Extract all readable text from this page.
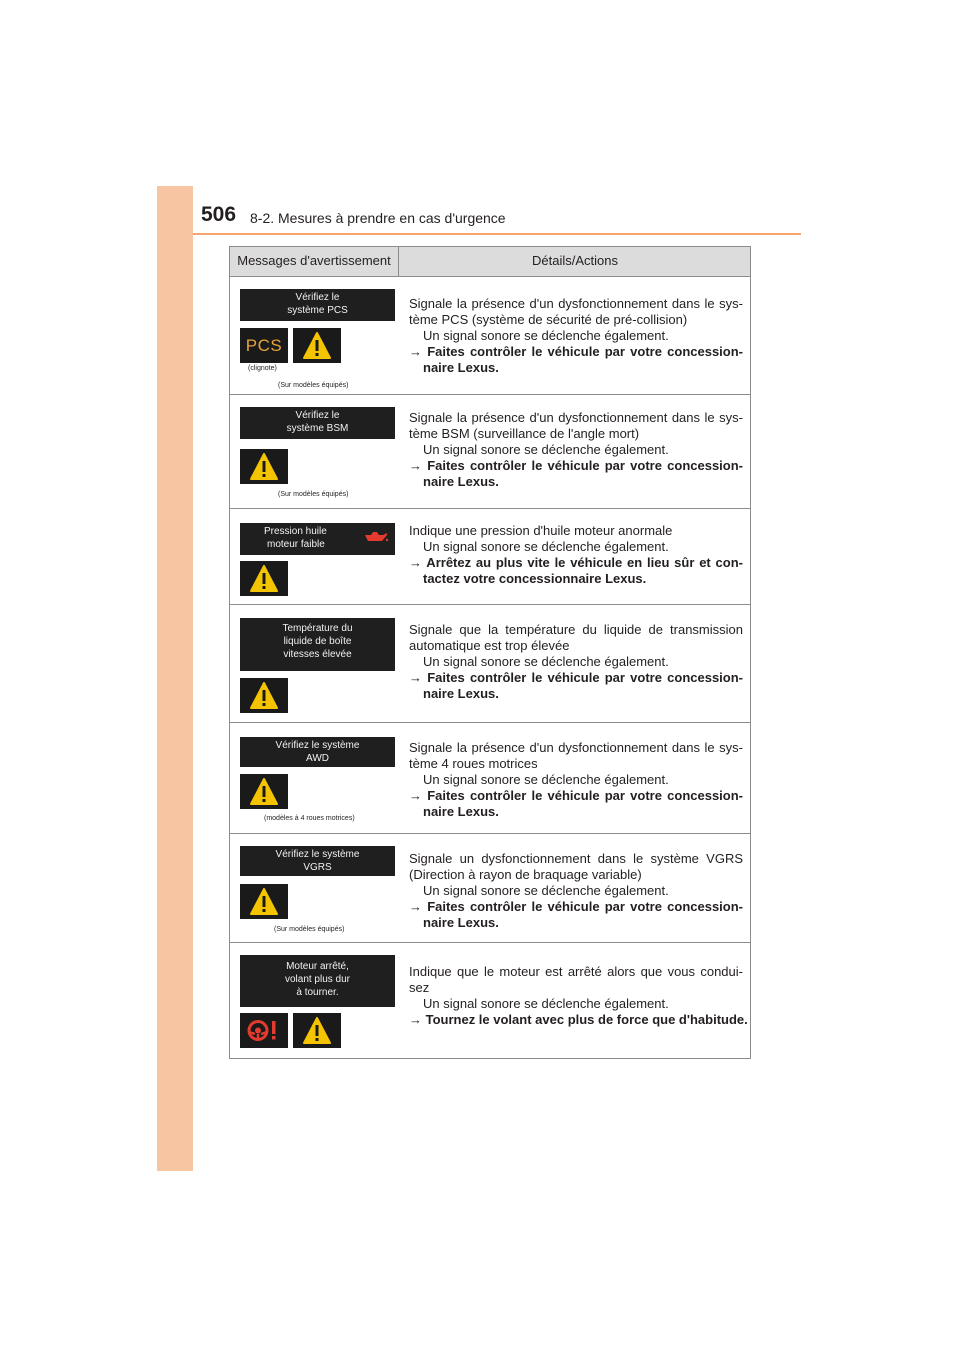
506 8-2. Mesures à prendre en cas d'urgence
Messages d'avertissement	Détails/Actions
Vérifiez le
système PCS
PCS
(clignote)
(Sur modèles équipés)

Signale la présence d'un dysfonctionnement dans le sys-tème PCS (système de sécurité de pré-collision)

Un signal sonore se déclenche également.

→ Faites contrôler le véhicule par votre concession-naire Lexus.

Vérifiez le
système BSM
(Sur modèles équipés)

Signale la présence d'un dysfonctionnement dans le sys-tème BSM (surveillance de l'angle mort)

Un signal sonore se déclenche également.

→ Faites contrôler le véhicule par votre concession-naire Lexus.

Pression huile
moteur faible

Indique une pression d'huile moteur anormale

Un signal sonore se déclenche également.

→ Arrêtez au plus vite le véhicule en lieu sûr et con-tactez votre concessionnaire Lexus.

Température du
liquide de boîte
vitesses élevée

Signale que la température du liquide de transmission automatique est trop élevée

Un signal sonore se déclenche également.

→ Faites contrôler le véhicule par votre concession-naire Lexus.

Vérifiez le système
AWD
(modèles à 4 roues motrices)

Signale la présence d'un dysfonctionnement dans le sys-tème 4 roues motrices

Un signal sonore se déclenche également.

→ Faites contrôler le véhicule par votre concession-naire Lexus.

Vérifiez le système
VGRS
(Sur modèles équipés)

Signale un dysfonctionnement dans le système VGRS (Direction à rayon de braquage variable)

Un signal sonore se déclenche également.

→ Faites contrôler le véhicule par votre concession-naire Lexus.

Moteur arrêté,
volant plus dur
à tourner.

Indique que le moteur est arrêté alors que vous condui-sez

Un signal sonore se déclenche également.

→ Tournez le volant avec plus de force que d'habitude.
